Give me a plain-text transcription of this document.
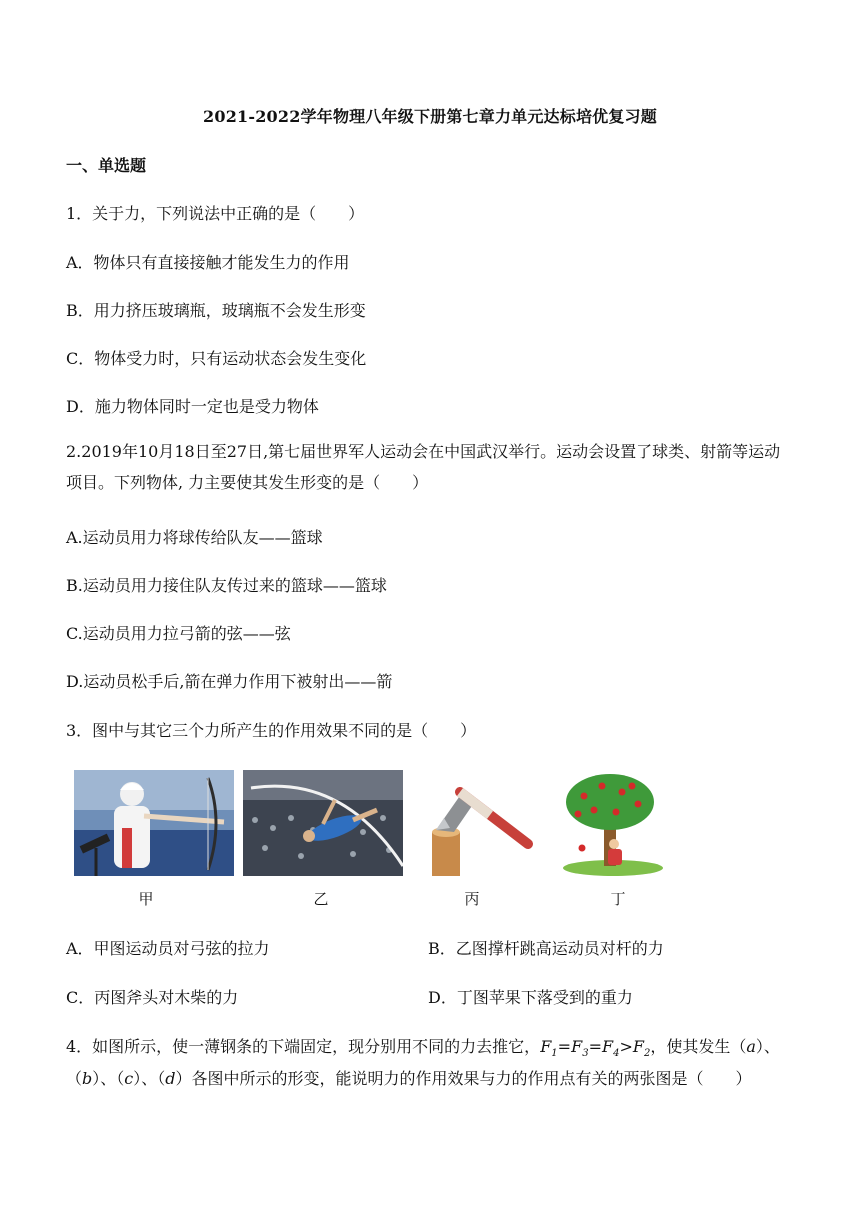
2021-2022学年物理八年级下册第七章力单元达标培优复习题
一、单选题
1．关于力，下列说法中正确的是（　　）
A．物体只有直接接触才能发生力的作用
B．用力挤压玻璃瓶，玻璃瓶不会发生形变
C．物体受力时，只有运动状态会发生变化
D．施力物体同时一定也是受力物体
2.2019年10月18日至27日,第七届世界军人运动会在中国武汉举行。运动会设置了球类、射箭等运动项目。下列物体, 力主要使其发生形变的是（　　）
A.运动员用力将球传给队友——篮球
B.运动员用力接住队友传过来的篮球——篮球
C.运动员用力拉弓箭的弦——弦
D.运动员松手后,箭在弹力作用下被射出——箭
3．图中与其它三个力所产生的作用效果不同的是（　　）
甲	乙	丙	丁
A．甲图运动员对弓弦的拉力	B．乙图撑杆跳高运动员对杆的力
C．丙图斧头对木柴的力	D．丁图苹果下落受到的重力
4．如图所示，使一薄钢条的下端固定，现分别用不同的力去推它，$F_1=F_3=F_4>F_2$，使其发生（a）、
（b）、（c）、（d）各图中所示的形变，能说明力的作用效果与力的作用点有关的两张图是（　　）
